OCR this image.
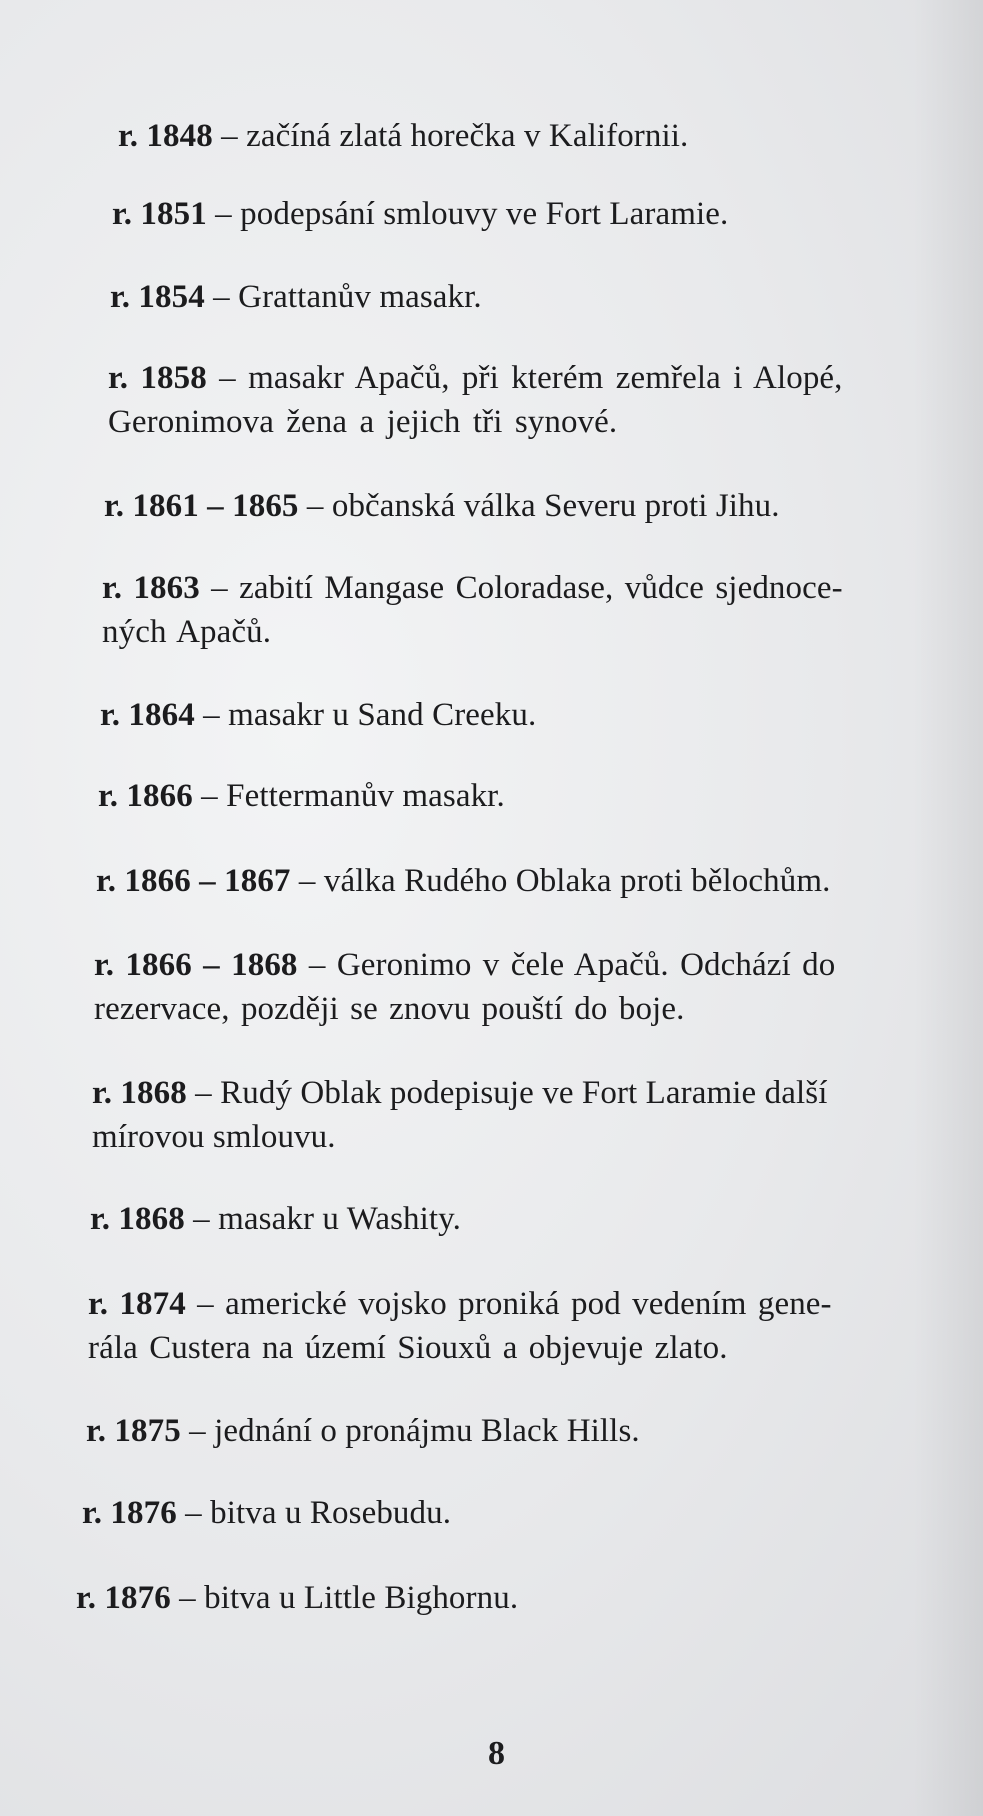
r. 1848 – začíná zlatá horečka v Kalifornii.
r. 1851 – podepsání smlouvy ve Fort Laramie.
r. 1854 – Grattanův masakr.
r. 1858 – masakr Apačů, při kterém zemřela i Alopé,
Geronimova žena a jejich tři synové.
r. 1861 – 1865 – občanská válka Severu proti Jihu.
r. 1863 – zabití Mangase Coloradase, vůdce sjednoce-
ných Apačů.
r. 1864 – masakr u Sand Creeku.
r. 1866 – Fettermanův masakr.
r. 1866 – 1867 – válka Rudého Oblaka proti bělochům.
r. 1866 – 1868 – Geronimo v čele Apačů. Odchází do
rezervace, později se znovu pouští do boje.
r. 1868 – Rudý Oblak podepisuje ve Fort Laramie další
mírovou smlouvu.
r. 1868 – masakr u Washity.
r. 1874 – americké vojsko proniká pod vedením gene-
rála Custera na území Siouxů a objevuje zlato.
r. 1875 – jednání o pronájmu Black Hills.
r. 1876 – bitva u Rosebudu.
r. 1876 – bitva u Little Bighornu.
8
